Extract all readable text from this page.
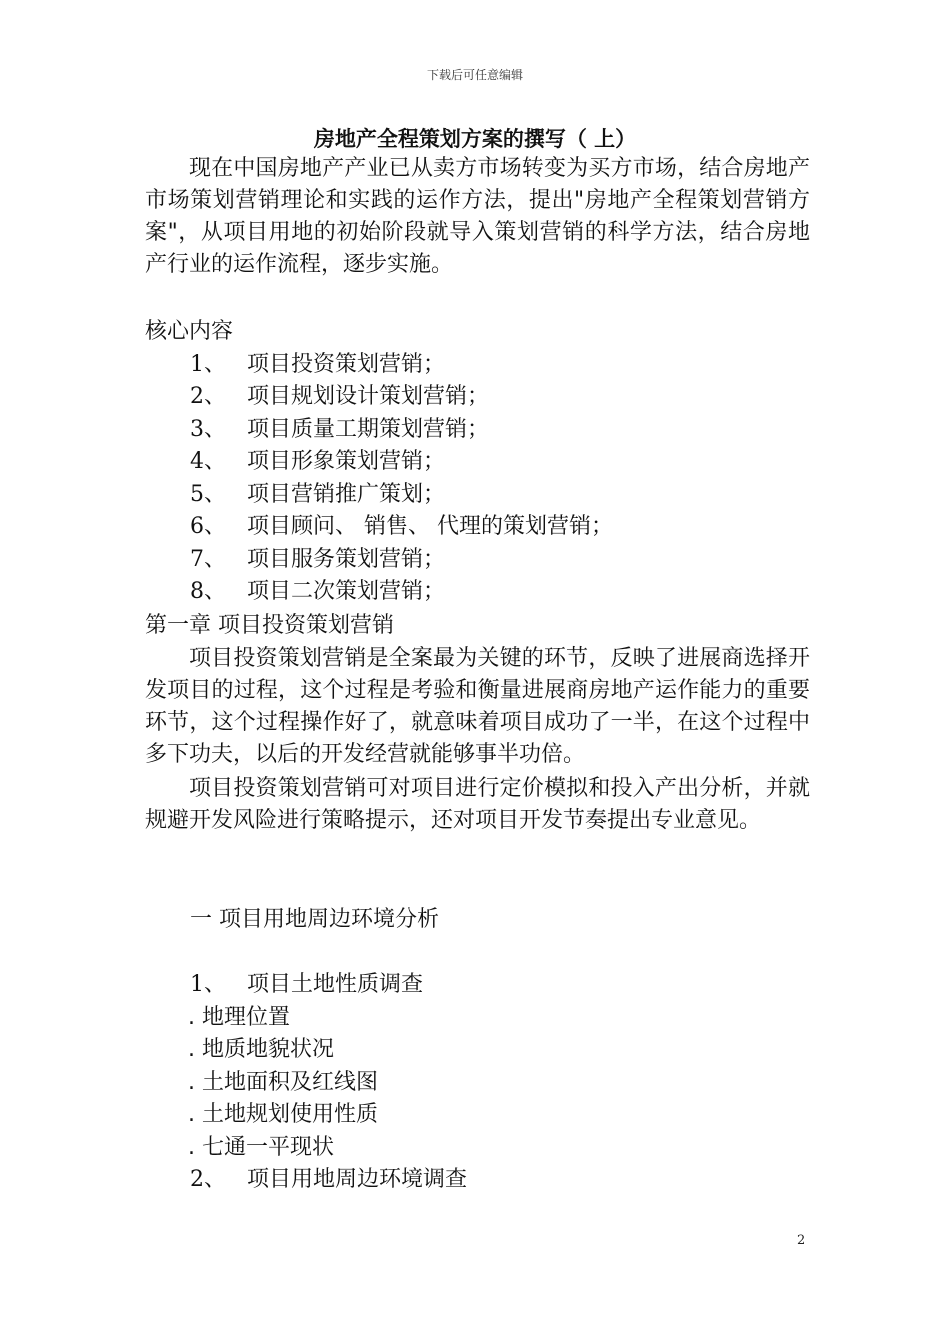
下载后可任意编辑
房地产全程策划方案的撰写（ 上）
现在中国房地产产业已从卖方市场转变为买方市场，结合房地产市场策划营销理论和实践的运作方法，提出"房地产全程策划营销方案"，从项目用地的初始阶段就导入策划营销的科学方法，结合房地产行业的运作流程，逐步实施。
核心内容
1、 项目投资策划营销；
2、 项目规划设计策划营销；
3、 项目质量工期策划营销；
4、 项目形象策划营销；
5、 项目营销推广策划；
6、 项目顾问、 销售、 代理的策划营销；
7、 项目服务策划营销；
8、 项目二次策划营销；
第一章 项目投资策划营销
项目投资策划营销是全案最为关键的环节，反映了进展商选择开发项目的过程，这个过程是考验和衡量进展商房地产运作能力的重要环节，这个过程操作好了，就意味着项目成功了一半，在这个过程中多下功夫，以后的开发经营就能够事半功倍。
项目投资策划营销可对项目进行定价模拟和投入产出分析，并就规避开发风险进行策略提示，还对项目开发节奏提出专业意见。
一 项目用地周边环境分析
1、 项目土地性质调查
. 地理位置
. 地质地貌状况
. 土地面积及红线图
. 土地规划使用性质
. 七通一平现状
2、 项目用地周边环境调查
2
